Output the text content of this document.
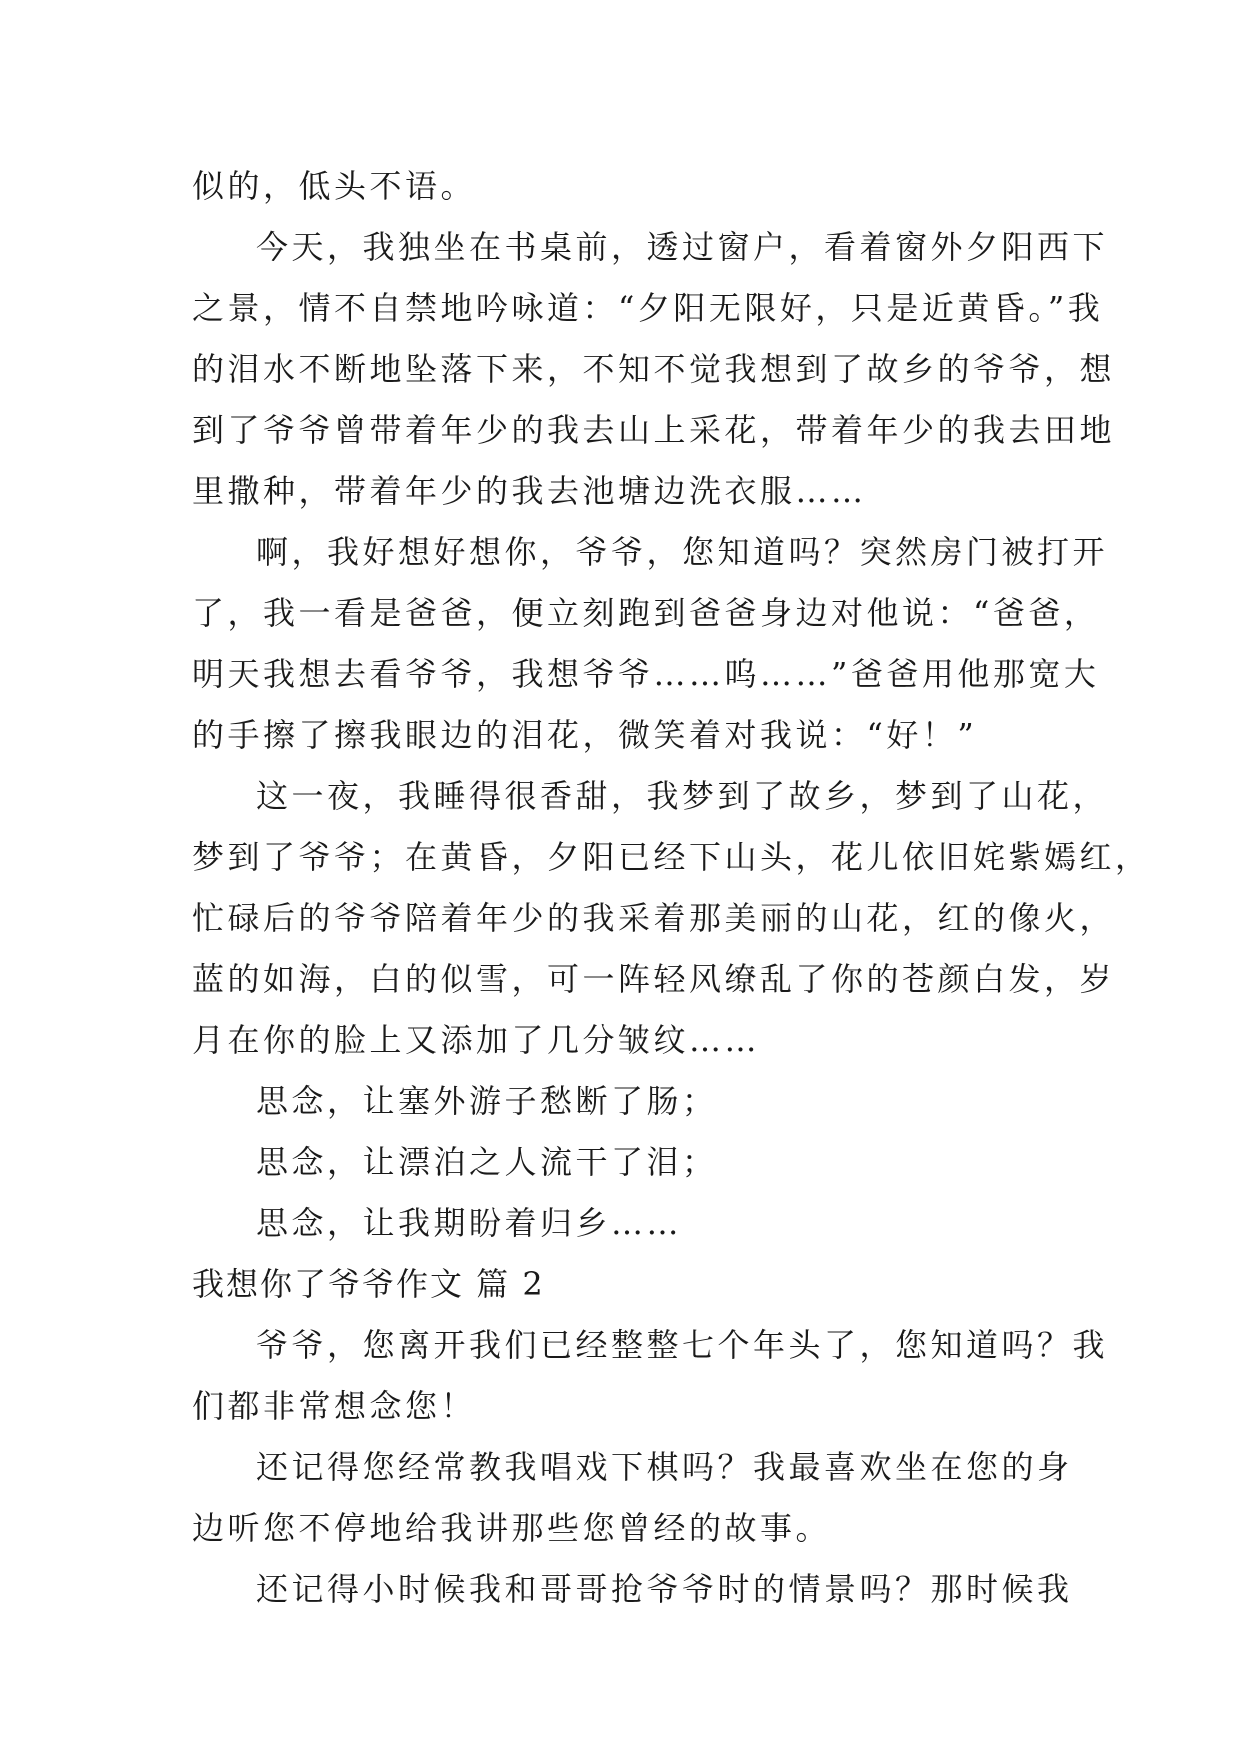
似的，低头不语。
今天，我独坐在书桌前，透过窗户，看着窗外夕阳西下
之景，情不自禁地吟咏道：“夕阳无限好，只是近黄昏。”我
的泪水不断地坠落下来，不知不觉我想到了故乡的爷爷，想
到了爷爷曾带着年少的我去山上采花，带着年少的我去田地
里撒种，带着年少的我去池塘边洗衣服……
啊，我好想好想你，爷爷，您知道吗？突然房门被打开
了，我一看是爸爸，便立刻跑到爸爸身边对他说：“爸爸，
明天我想去看爷爷，我想爷爷……呜……”爸爸用他那宽大
的手擦了擦我眼边的泪花，微笑着对我说：“好！”
这一夜，我睡得很香甜，我梦到了故乡，梦到了山花，
梦到了爷爷；在黄昏，夕阳已经下山头，花儿依旧姹紫嫣红，
忙碌后的爷爷陪着年少的我采着那美丽的山花，红的像火，
蓝的如海，白的似雪，可一阵轻风缭乱了你的苍颜白发，岁
月在你的脸上又添加了几分皱纹……
思念，让塞外游子愁断了肠；
思念，让漂泊之人流干了泪；
思念，让我期盼着归乡……
我想你了爷爷作文 篇 2
爷爷，您离开我们已经整整七个年头了，您知道吗？我
们都非常想念您！
还记得您经常教我唱戏下棋吗？我最喜欢坐在您的身
边听您不停地给我讲那些您曾经的故事。
还记得小时候我和哥哥抢爷爷时的情景吗？那时候我
